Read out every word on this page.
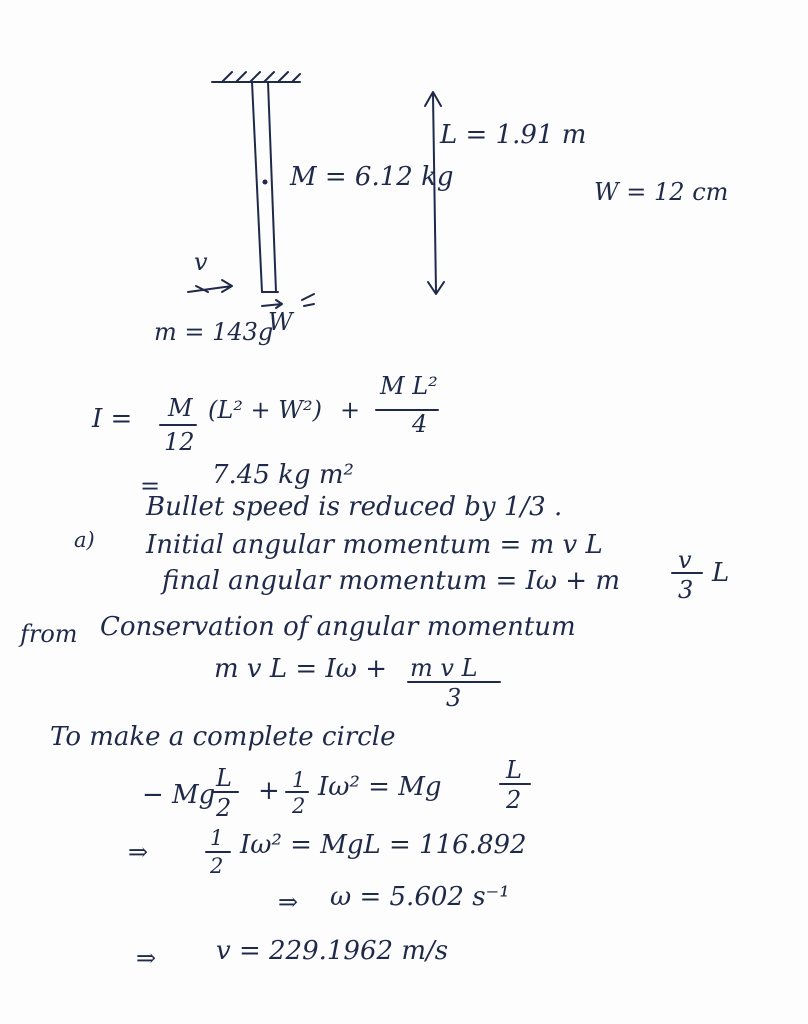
L = 1.91 m
M = 6.12 kg	W = 12 cm
v
m = 143g
W
I = M
12
(L² + W²) +
M L²
4
= 7.45 kg m²
a)
Bullet speed is reduced by 1/3 .
Initial angular momentum = m v L
final angular momentum = Iω + m
v
3
L
from Conservation of angular momentum
m v L = Iω + m v L
3
To make a complete circle
− Mg
L
2
+ 1
2
Iω² = Mg
L
2
⇒	1
2
Iω² = MgL = 116.892
⇒ ω = 5.602 s⁻¹
⇒ v = 229.1962 m/s
